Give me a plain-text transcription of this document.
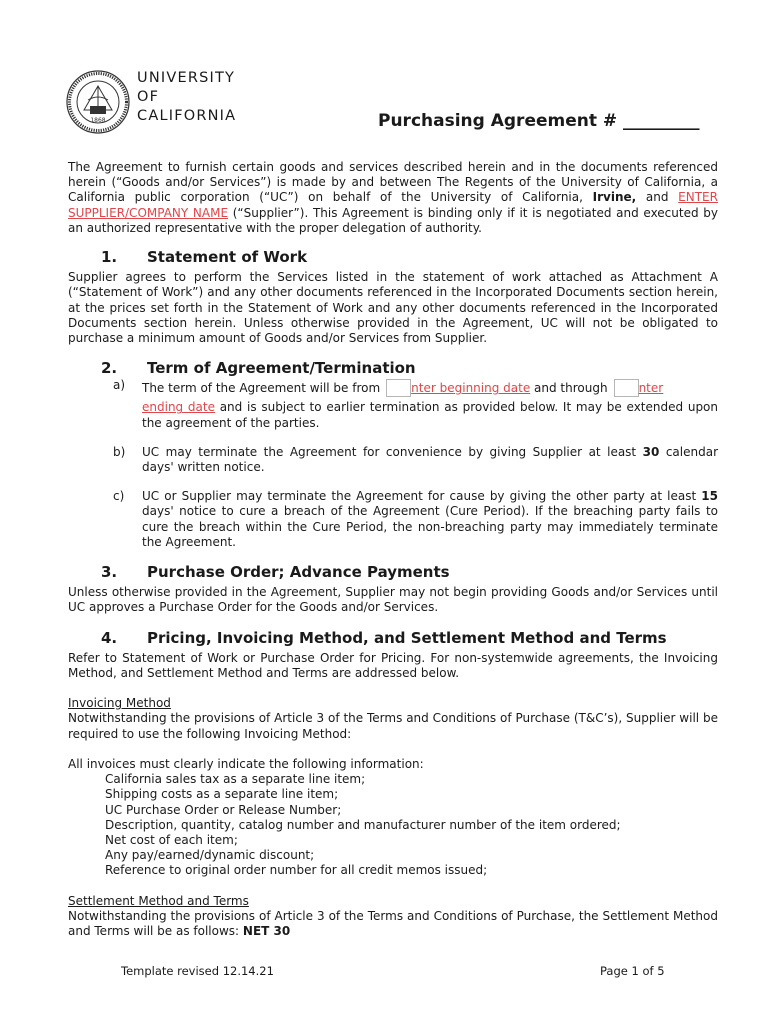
1868
UNIVERSITY
OF
CALIFORNIA	Purchasing Agreement # _________

The Agreement to furnish certain goods and services described herein and in the documents referenced herein (“Goods and/or Services”) is made by and between The Regents of the University of California, a California public corporation (“UC”) on behalf of the University of California, Irvine, and ENTER SUPPLIER/COMPANY NAME (“Supplier”). This Agreement is binding only if it is negotiated and executed by an authorized representative with the proper delegation of authority.

1.	Statement of Work

Supplier agrees to perform the Services listed in the statement of work attached as Attachment A (“Statement of Work”) and any other documents referenced in the Incorporated Documents section herein, at the prices set forth in the Statement of Work and any other documents referenced in the Incorporated Documents section herein. Unless otherwise provided in the Agreement, UC will not be obligated to purchase a minimum amount of Goods and/or Services from Supplier.

2.	Term of Agreement/Termination
a)	The term of the Agreement will be from	nter beginning date and through	nter

ending date and is subject to earlier termination as provided below. It may be extended upon the agreement of the parties.

b)	UC may terminate the Agreement for convenience by giving Supplier at least 30 calendar days' written notice.

c)	UC or Supplier may terminate the Agreement for cause by giving the other party at least 15 days' notice to cure a breach of the Agreement (Cure Period). If the breaching party fails to cure the breach within the Cure Period, the non-breaching party may immediately terminate the Agreement.

3.	Purchase Order; Advance Payments

Unless otherwise provided in the Agreement, Supplier may not begin providing Goods and/or Services until UC approves a Purchase Order for the Goods and/or Services.

4.	Pricing, Invoicing Method, and Settlement Method and Terms

Refer to Statement of Work or Purchase Order for Pricing. For non-systemwide agreements, the Invoicing Method, and Settlement Method and Terms are addressed below.

Invoicing Method

Notwithstanding the provisions of Article 3 of the Terms and Conditions of Purchase (T&C’s), Supplier will be required to use the following Invoicing Method:

All invoices must clearly indicate the following information:

California sales tax as a separate line item;
Shipping costs as a separate line item;
UC Purchase Order or Release Number;
Description, quantity, catalog number and manufacturer number of the item ordered;
Net cost of each item;
Any pay/earned/dynamic discount;
Reference to original order number for all credit memos issued;

Settlement Method and Terms

Notwithstanding the provisions of Article 3 of the Terms and Conditions of Purchase, the Settlement Method and Terms will be as follows: NET 30

Template revised 12.14.21	Page 1 of 5
